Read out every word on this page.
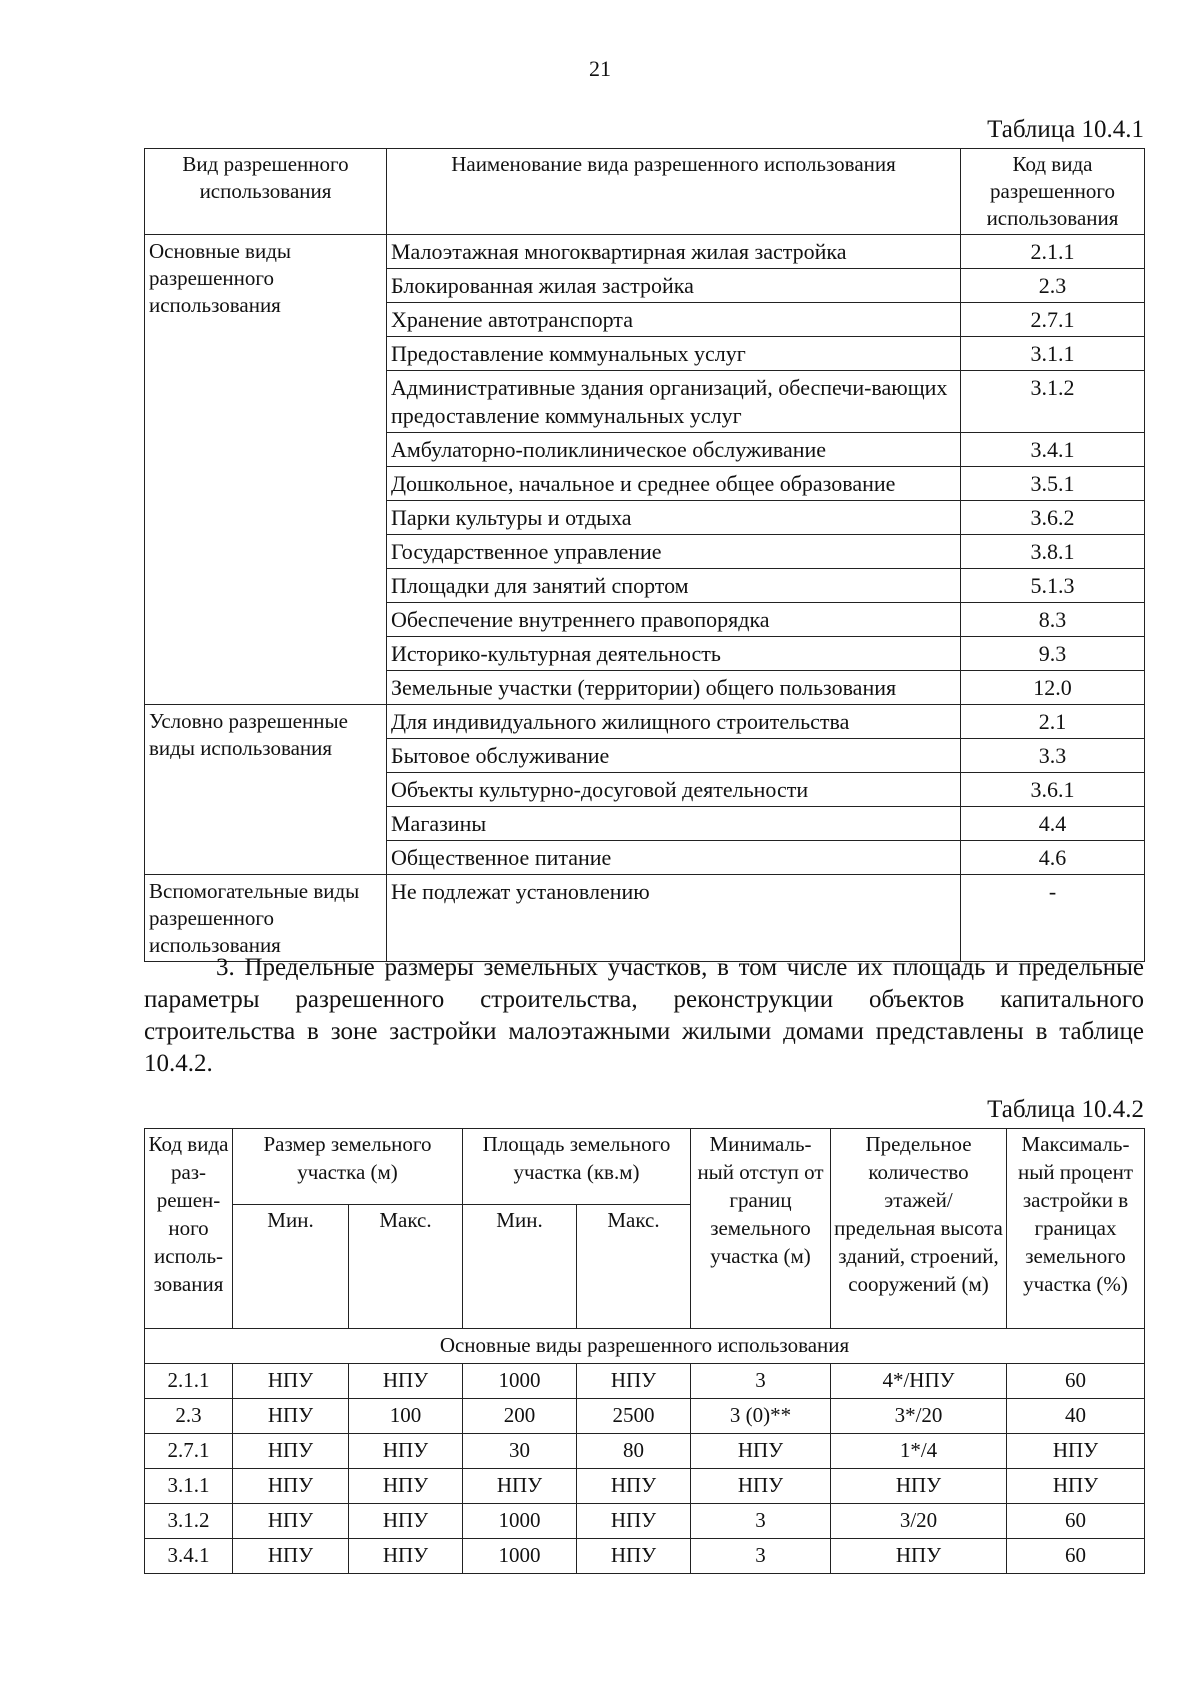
21
Таблица 10.4.1
Вид разрешенного использования	Наименование вида разрешенного использования	Код вида разрешенного использования
Основные виды разрешенного использования	Малоэтажная многоквартирная жилая застройка	2.1.1
	Блокированная жилая застройка	2.3
	Хранение автотранспорта	2.7.1
	Предоставление коммунальных услуг	3.1.1
	Административные здания организаций, обеспечи-вающих предоставление коммунальных услуг	3.1.2
	Амбулаторно-поликлиническое обслуживание	3.4.1
	Дошкольное, начальное и среднее общее образование	3.5.1
	Парки культуры и отдыха	3.6.2
	Государственное управление	3.8.1
	Площадки для занятий спортом	5.1.3
	Обеспечение внутреннего правопорядка	8.3
	Историко-культурная деятельность	9.3
	Земельные участки (территории) общего пользования	12.0
Условно разрешенные виды использования	Для индивидуального жилищного строительства	2.1
	Бытовое обслуживание	3.3
	Объекты культурно-досуговой деятельности	3.6.1
	Магазины	4.4
	Общественное питание	4.6
Вспомогательные виды разрешенного использования	Не подлежат установлению	-

3. Предельные размеры земельных участков, в том числе их площадь и предельные параметры разрешенного строительства, реконструкции объектов капитального строительства в зоне застройки малоэтажными жилыми домами представлены в таблице 10.4.2.

Таблица 10.4.2
Код вида раз-решен-ного исполь-зования	Размер земельного участка (м)		Площадь земельного участка (кв.м)		Минималь-ный отступ от границ земельного участка (м)	Предельное количество этажей/ предельная высота зданий, строений, сооружений (м)	Максималь-ный процент застройки в границах земельного участка (%)
	Мин.	Макс.	Мин.	Макс.			
Основные виды разрешенного использования							
2.1.1	НПУ	НПУ	1000	НПУ	3	4*/НПУ	60
2.3	НПУ	100	200	2500	3 (0)**	3*/20	40
2.7.1	НПУ	НПУ	30	80	НПУ	1*/4	НПУ
3.1.1	НПУ	НПУ	НПУ	НПУ	НПУ	НПУ	НПУ
3.1.2	НПУ	НПУ	1000	НПУ	3	3/20	60
3.4.1	НПУ	НПУ	1000	НПУ	3	НПУ	60
